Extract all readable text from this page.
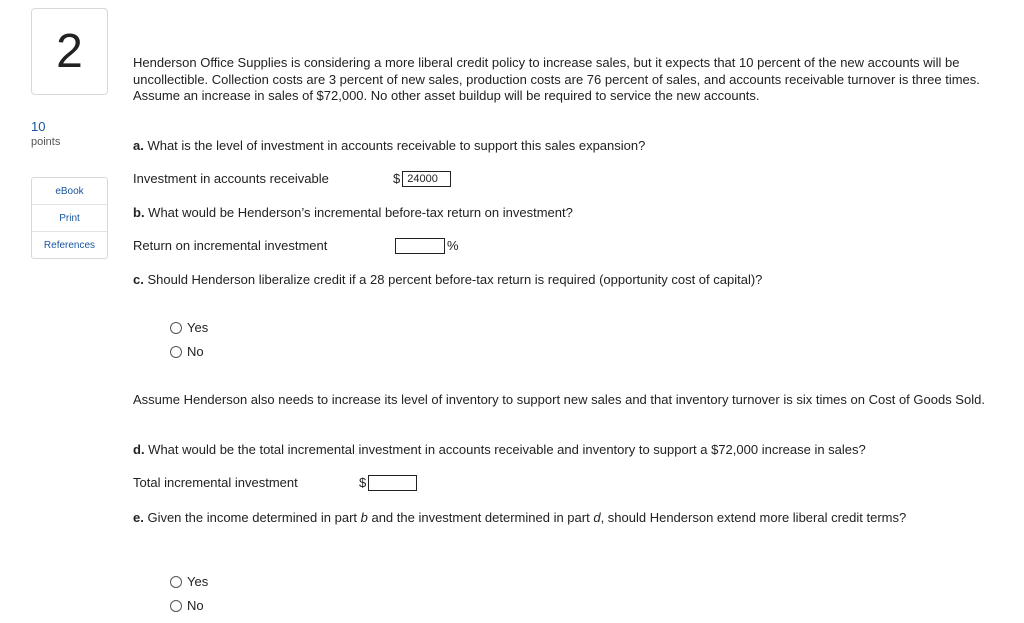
2
10
points
eBook
Print
References
Henderson Office Supplies is considering a more liberal credit policy to increase sales, but it expects that 10 percent of the new accounts will be uncollectible. Collection costs are 3 percent of new sales, production costs are 76 percent of sales, and accounts receivable turnover is three times. Assume an increase in sales of $72,000. No other asset buildup will be required to service the new accounts.
a. What is the level of investment in accounts receivable to support this sales expansion?
Investment in accounts receivable	$ 24000
b. What would be Henderson’s incremental before-tax return on investment?
Return on incremental investment	%
c. Should Henderson liberalize credit if a 28 percent before-tax return is required (opportunity cost of capital)?
Yes
No
Assume Henderson also needs to increase its level of inventory to support new sales and that inventory turnover is six times on Cost of Goods Sold.
d. What would be the total incremental investment in accounts receivable and inventory to support a $72,000 increase in sales?
Total incremental investment	$
e. Given the income determined in part b and the investment determined in part d, should Henderson extend more liberal credit terms?
Yes
No
